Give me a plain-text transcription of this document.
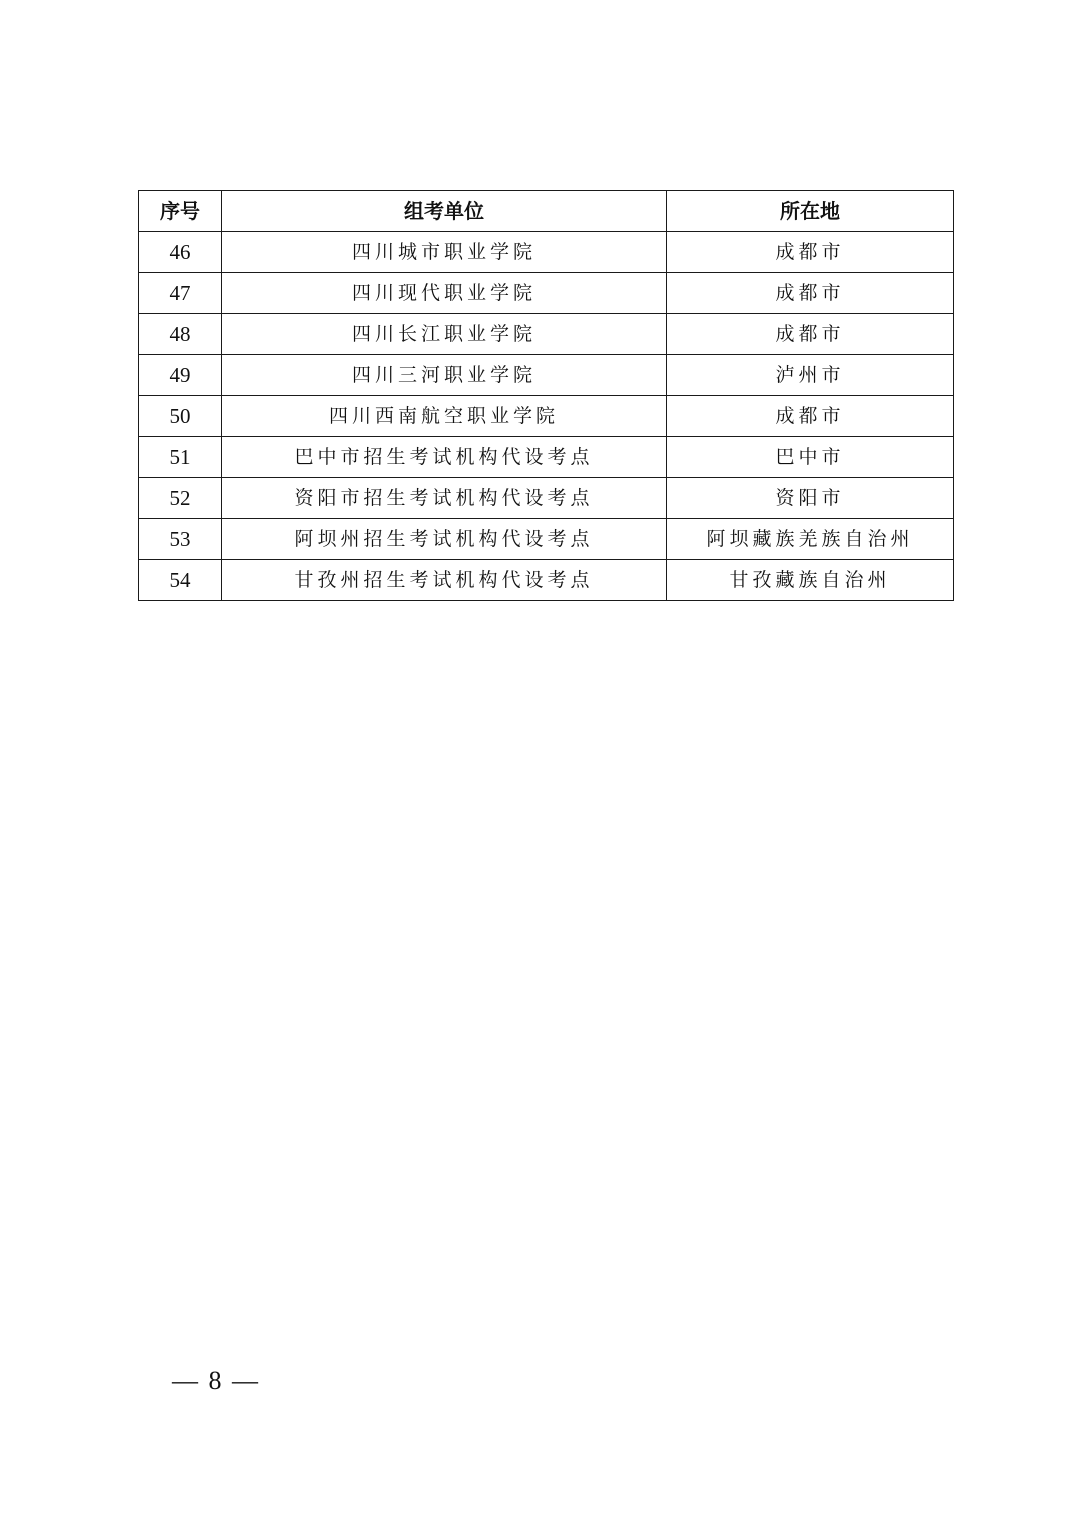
序号	组考单位	所在地
46	四川城市职业学院	成都市
47	四川现代职业学院	成都市
48	四川长江职业学院	成都市
49	四川三河职业学院	泸州市
50	四川西南航空职业学院	成都市
51	巴中市招生考试机构代设考点	巴中市
52	资阳市招生考试机构代设考点	资阳市
53	阿坝州招生考试机构代设考点	阿坝藏族羌族自治州
54	甘孜州招生考试机构代设考点	甘孜藏族自治州
— 8 —
